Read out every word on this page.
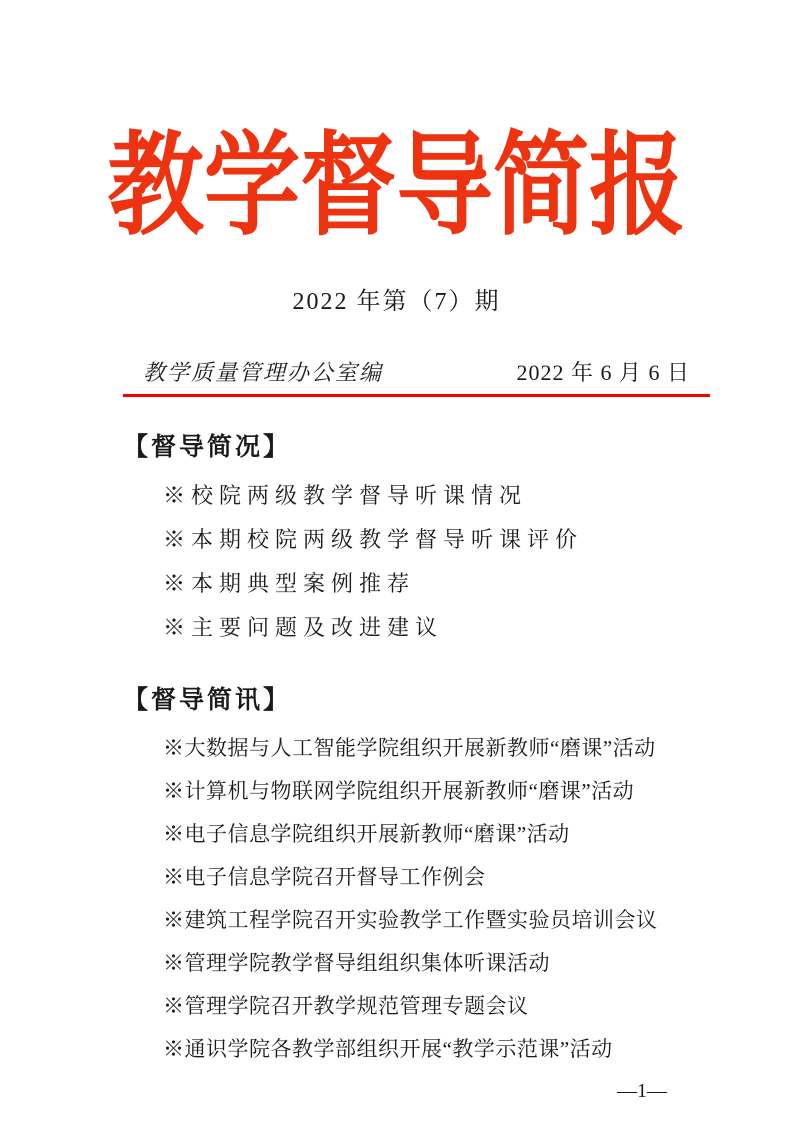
教学督导简报
2022 年第（7）期
教学质量管理办公室编	2022 年 6 月 6 日
【督导简况】
※校院两级教学督导听课情况
※本期校院两级教学督导听课评价
※本期典型案例推荐
※主要问题及改进建议
【督导简讯】
※大数据与人工智能学院组织开展新教师“磨课”活动
※计算机与物联网学院组织开展新教师“磨课”活动
※电子信息学院组织开展新教师“磨课”活动
※电子信息学院召开督导工作例会
※建筑工程学院召开实验教学工作暨实验员培训会议
※管理学院教学督导组组织集体听课活动
※管理学院召开教学规范管理专题会议
※通识学院各教学部组织开展“教学示范课”活动
—1—
